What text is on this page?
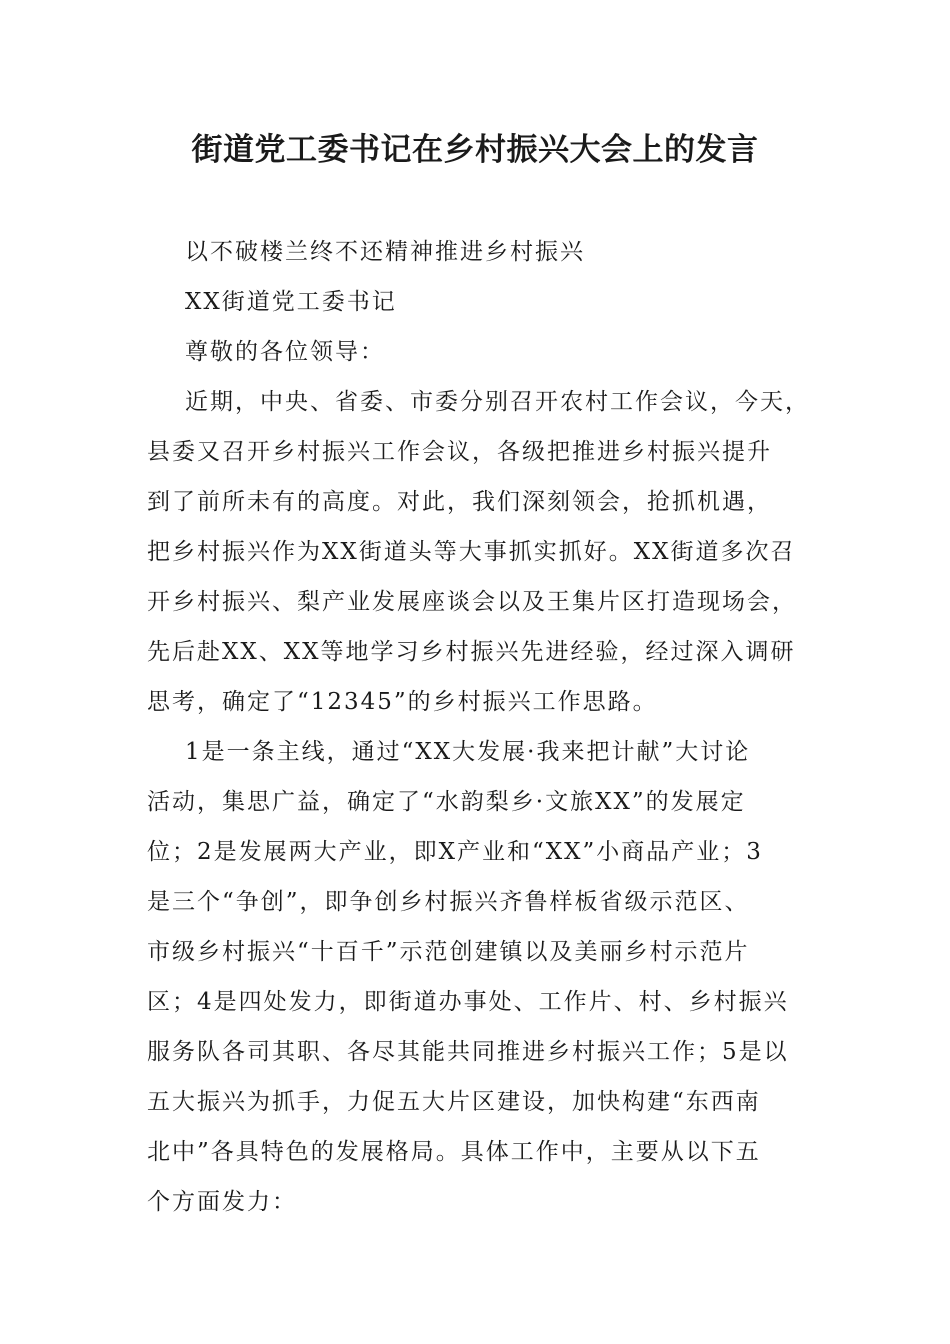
街道党工委书记在乡村振兴大会上的发言

以不破楼兰终不还精神推进乡村振兴

XX街道党工委书记

尊敬的各位领导：

近期，中央、省委、市委分别召开农村工作会议，今天，

县委又召开乡村振兴工作会议，各级把推进乡村振兴提升

到了前所未有的高度。对此，我们深刻领会，抢抓机遇，

把乡村振兴作为XX街道头等大事抓实抓好。XX街道多次召

开乡村振兴、梨产业发展座谈会以及王集片区打造现场会，

先后赴XX、XX等地学习乡村振兴先进经验，经过深入调研

思考，确定了“12345”的乡村振兴工作思路。

1是一条主线，通过“XX大发展·我来把计献”大讨论

活动，集思广益，确定了“水韵梨乡·文旅XX”的发展定

位；2是发展两大产业，即X产业和“XX”小商品产业；3

是三个“争创”，即争创乡村振兴齐鲁样板省级示范区、

市级乡村振兴“十百千”示范创建镇以及美丽乡村示范片

区；4是四处发力，即街道办事处、工作片、村、乡村振兴

服务队各司其职、各尽其能共同推进乡村振兴工作；5是以

五大振兴为抓手，力促五大片区建设，加快构建“东西南

北中”各具特色的发展格局。具体工作中，主要从以下五

个方面发力：
